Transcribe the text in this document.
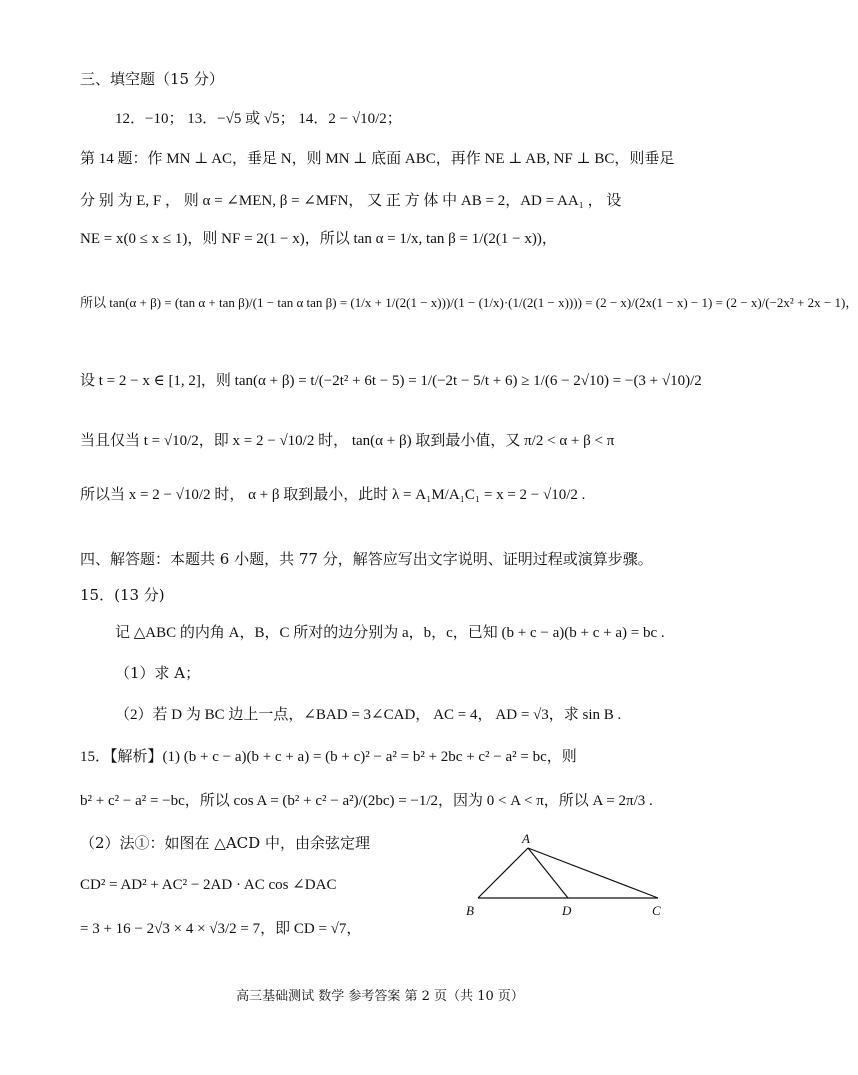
三、填空题（15 分）
12．−10； 13．−√5 或 √5； 14．2 − √10/2；
第 14 题：作 MN ⊥ AC，垂足 N，则 MN ⊥ 底面 ABC，再作 NE ⊥ AB, NF ⊥ BC，则垂足
分 别 为 E, F ， 则 α = ∠MEN, β = ∠MFN， 又 正 方 体 中 AB = 2，AD = AA₁ ， 设
NE = x(0 ≤ x ≤ 1)，则 NF = 2(1 − x)，所以 tan α = 1/x, tan β = 1/(2(1 − x))，
所以 tan(α + β) = (tan α + tan β)/(1 − tan α tan β) = (1/x + 1/(2(1 − x)))/(1 − (1/x)·(1/(2(1 − x)))) = (2 − x)/(2x(1 − x) − 1) = (2 − x)/(−2x² + 2x − 1)，
设 t = 2 − x ∈ [1, 2]，则 tan(α + β) = t/(−2t² + 6t − 5) = 1/(−2t − 5/t + 6) ≥ 1/(6 − 2√10) = −(3 + √10)/2
当且仅当 t = √10/2，即 x = 2 − √10/2 时， tan(α + β) 取到最小值，又 π/2 < α + β < π
所以当 x = 2 − √10/2 时， α + β 取到最小，此时 λ = A₁M/A₁C₁ = x = 2 − √10/2 .
四、解答题：本题共 6 小题，共 77 分，解答应写出文字说明、证明过程或演算步骤。
15．(13 分)
记 △ABC 的内角 A，B，C 所对的边分别为 a，b，c，已知 (b + c − a)(b + c + a) = bc .
（1）求 A；
（2）若 D 为 BC 边上一点，∠BAD = 3∠CAD， AC = 4， AD = √3，求 sin B .
15．【解析】(1) (b + c − a)(b + c + a) = (b + c)² − a² = b² + 2bc + c² − a² = bc，则
b² + c² − a² = −bc，所以 cos A = (b² + c² − a²)/(2bc) = −1/2，因为 0 < A < π，所以 A = 2π/3 .
（2）法①：如图在 △ACD 中，由余弦定理
CD² = AD² + AC² − 2AD · AC cos ∠DAC
= 3 + 16 − 2√3 × 4 × √3/2 = 7，即 CD = √7，
A
B	D	C
高三基础测试 数学 参考答案 第 2 页（共 10 页）
